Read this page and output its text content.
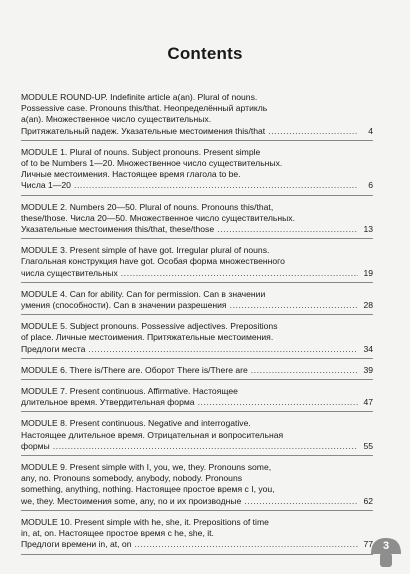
Contents
MODULE ROUND-UP. Indefinite article a(an). Plural of nouns.
Possessive case. Pronouns this/that. Неопределённый артикль
a(an). Множественное число существительных.
Притяжательный падеж. Указательные местоимения this/that .....	4
MODULE 1. Plural of nouns. Subject pronouns. Present simple
of to be Numbers 1—20. Множественное число существительных.
Личные местоимения. Настоящее время глагола to be.
Числа 1—20 .....	6
MODULE 2. Numbers 20—50. Plural of nouns. Pronouns this/that,
these/those. Числа 20—50. Множественное число существительных.
Указательные местоимения this/that, these/those .....	13
MODULE 3. Present simple of have got. Irregular plural of nouns.
Глагольная конструкция have got. Особая форма множественного
числа существительных .....	19
MODULE 4. Can for ability. Can for permission. Can в значении
умения (способности). Can в значении разрешения .....	28
MODULE 5. Subject pronouns. Possessive adjectives. Prepositions
of place. Личные местоимения. Притяжательные местоимения.
Предлоги места .....	34
MODULE 6. There is/There are. Оборот There is/There are .....	39
MODULE 7. Present continuous. Affirmative. Настоящее
длительное время. Утвердительная форма .....	47
MODULE 8. Present continuous. Negative and interrogative.
Настоящее длительное время. Отрицательная и вопросительная
формы .....	55
MODULE 9. Present simple with I, you, we, they. Pronouns some,
any, no. Pronouns somebody, anybody, nobody. Pronouns
something, anything, nothing. Настоящее простое время с I, you,
we, they. Местоимения some, any, no и их производные .....	62
MODULE 10. Present simple with he, she, it. Prepositions of time
in, at, on. Настоящее простое время с he, she, it.
Предлоги времени in, at, on .....	77 3
